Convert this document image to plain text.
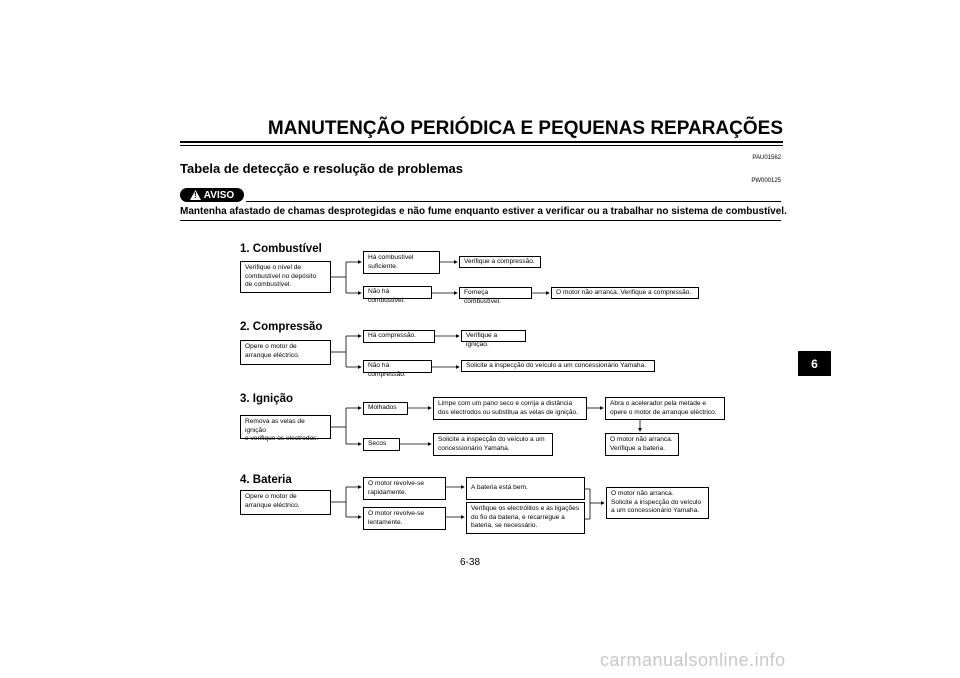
MANUTENÇÃO PERIÓDICA E PEQUENAS REPARAÇÕES
PAU01562
Tabela de detecção e resolução de problemas
PW000125
! AVISO
Mantenha afastado de chamas desprotegidas e não fume enquanto estiver a verificar ou a trabalhar no sistema de combustível.
6
1. Combustível
Verifique o nível de
combustível no depósito
de combustível.
Há combustível
suficiente.
Verifique a compressão.
Não há combustível.
Forneça combustível.
O motor não arranca. Verifique a compressão.
2. Compressão
Opere o motor de
arranque eléctrico.
Há compressão.	Verifique a ignição.
Não há compressão.
Solicite a inspecção do veículo a um concessionário Yamaha.
3. Ignição
Remova as velas de ignição
e verifique os electrodos.
Molhados
Limpe com um pano seco e corrija a distância
dos electrodos ou substitua as velas de ignição.
Abra o acelerador pela metade e
opere o motor de arranque eléctrico.
O motor não arranca.
Verifique a bateria.
Secos
Solicite a inspecção do veículo a um
concessionário Yamaha.
4. Bateria
Opere o motor de
arranque eléctrico.
O motor revolve-se
rapidamente.
A bateria está bem.
O motor revolve-se
lentamente.
Verifique os electrólitos e as ligações
do fio da bateria, e recarregue a
bateria, se necessário.
O motor não arranca.
Solicite a inspecção do veículo
a um concessionário Yamaha.
6-38
carmanualsonline.info
